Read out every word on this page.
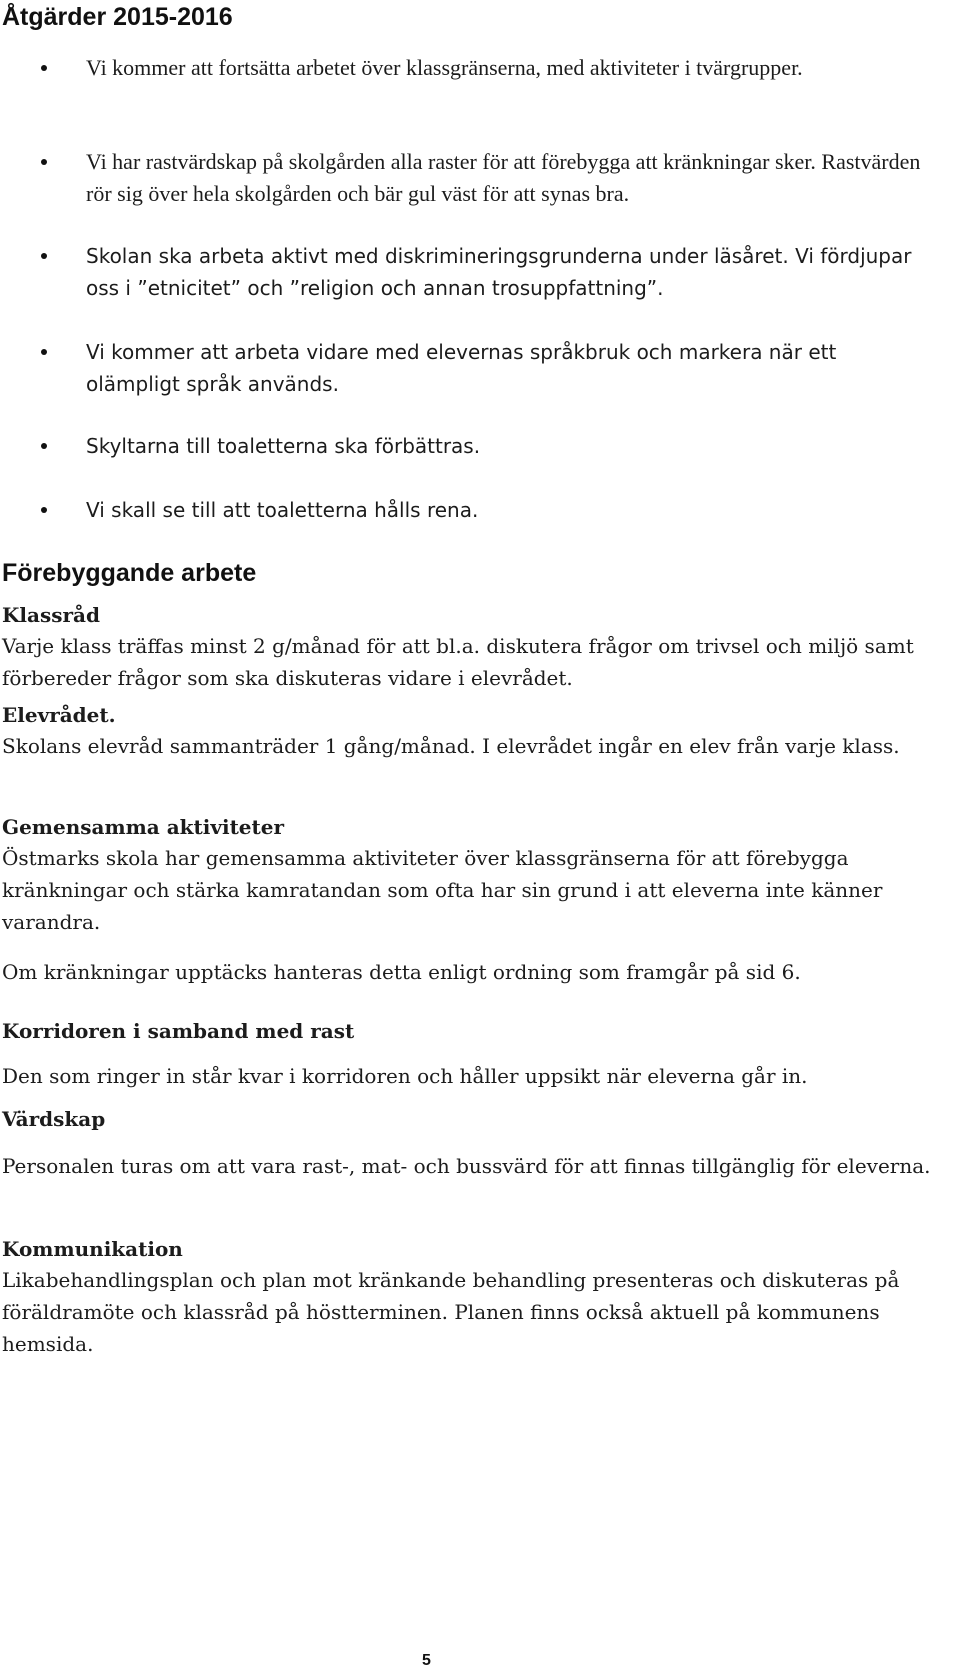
Åtgärder 2015-2016

Vi kommer att fortsätta arbetet över klassgränserna, med aktiviteter i tvärgrupper.

Vi har rastvärdskap på skolgården alla raster för att förebygga att kränkningar sker. Rastvärden rör sig över hela skolgården och bär gul väst för att synas bra.

Skolan ska arbeta aktivt med diskrimineringsgrunderna under läsåret. Vi fördjupar oss i ”etnicitet” och ”religion och annan trosuppfattning”.

Vi kommer att arbeta vidare med elevernas språkbruk och markera när ett olämpligt språk används.

Skyltarna till toaletterna ska förbättras.

Vi skall se till att toaletterna hålls rena.

Förebyggande arbete

Klassråd

Varje klass träffas minst 2 g/månad för att bl.a. diskutera frågor om trivsel och miljö samt förbereder frågor som ska diskuteras vidare i elevrådet.

Elevrådet.

Skolans elevråd sammanträder 1 gång/månad. I elevrådet ingår en elev från varje klass.

Gemensamma aktiviteter

Östmarks skola har gemensamma aktiviteter över klassgränserna för att förebygga kränkningar och stärka kamratandan som ofta har sin grund i att eleverna inte känner varandra.

Om kränkningar upptäcks hanteras detta enligt ordning som framgår på sid 6.

Korridoren i samband med rast

Den som ringer in står kvar i korridoren och håller uppsikt när eleverna går in.

Värdskap

Personalen turas om att vara rast-, mat- och bussvärd för att finnas tillgänglig för eleverna.

Kommunikation

Likabehandlingsplan och plan mot kränkande behandling presenteras och diskuteras på föräldramöte och klassråd på höstterminen. Planen finns också aktuell på kommunens hemsida.

5
